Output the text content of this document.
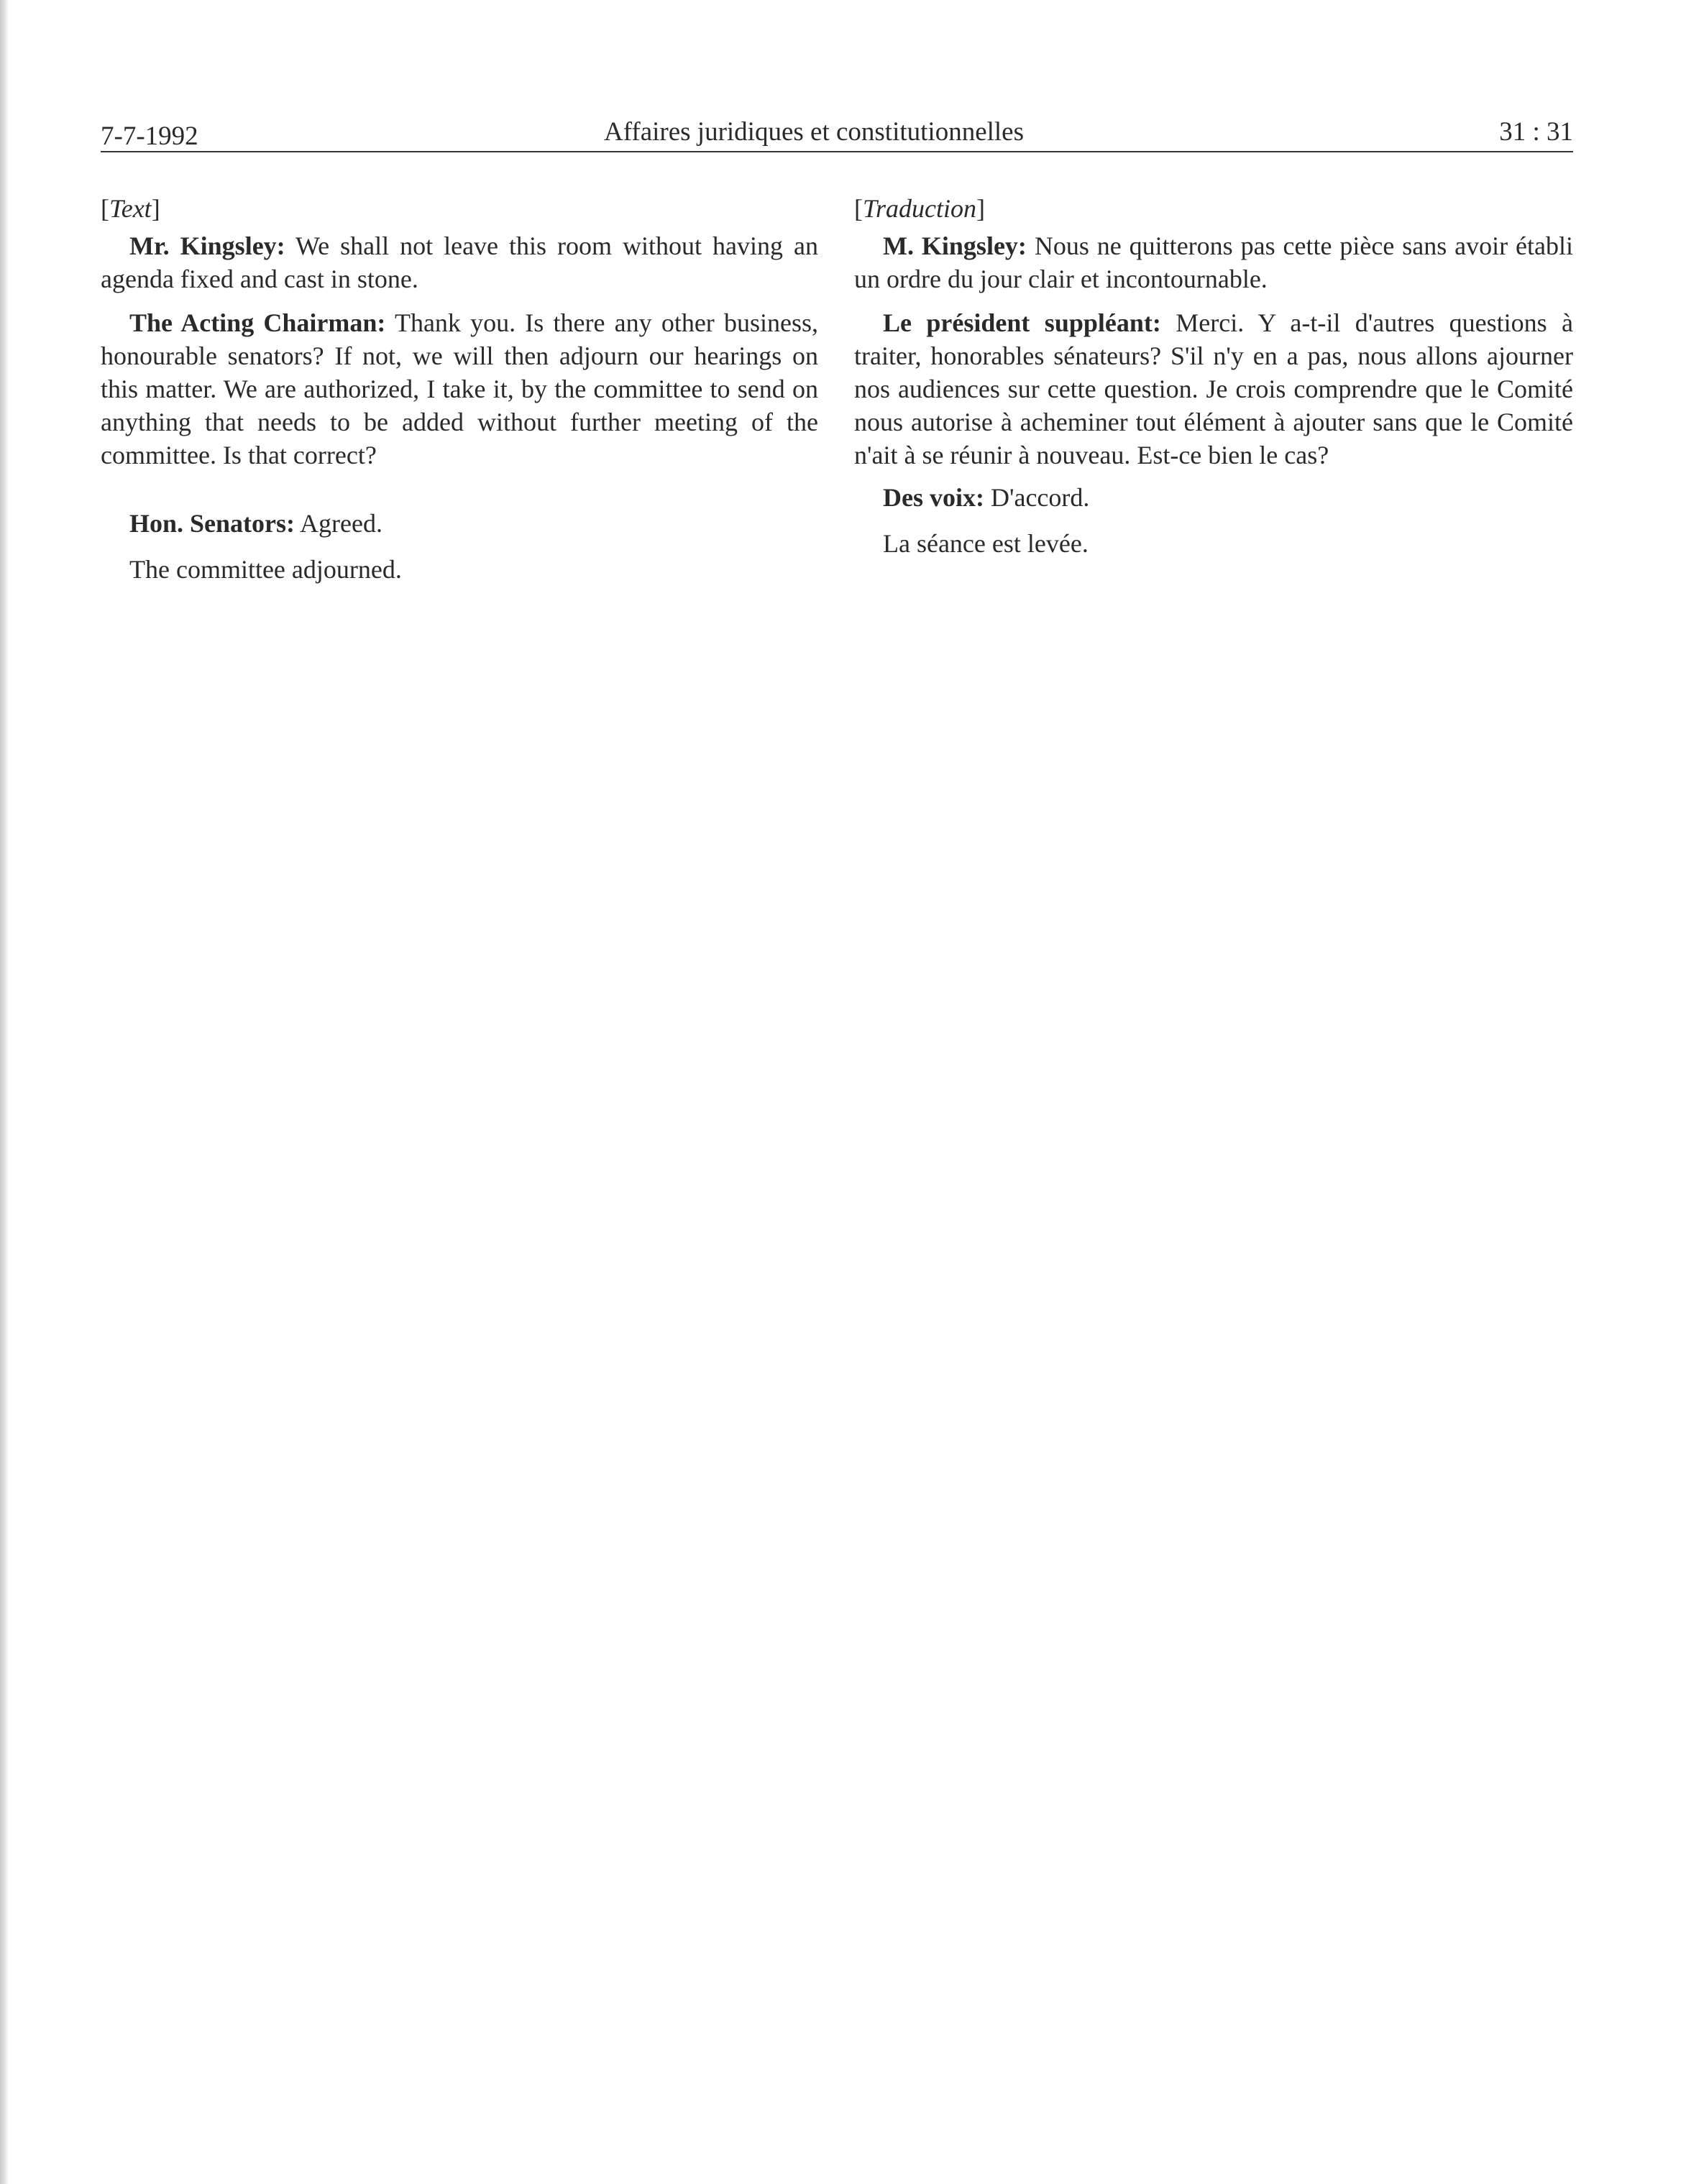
7-7-1992	Affaires juridiques et constitutionnelles	31 : 31
[Text]

Mr. Kingsley: We shall not leave this room without having an agenda fixed and cast in stone.

The Acting Chairman: Thank you. Is there any other business, honourable senators? If not, we will then adjourn our hearings on this matter. We are authorized, I take it, by the committee to send on anything that needs to be added without further meeting of the committee. Is that correct?

Hon. Senators: Agreed.

The committee adjourned.

[Traduction]

M. Kingsley: Nous ne quitterons pas cette pièce sans avoir établi un ordre du jour clair et incontournable.

Le président suppléant: Merci. Y a-t-il d'autres questions à traiter, honorables sénateurs? S'il n'y en a pas, nous allons ajourner nos audiences sur cette question. Je crois comprendre que le Comité nous autorise à acheminer tout élément à ajouter sans que le Comité n'ait à se réunir à nouveau. Est-ce bien le cas?

Des voix: D'accord.

La séance est levée.
